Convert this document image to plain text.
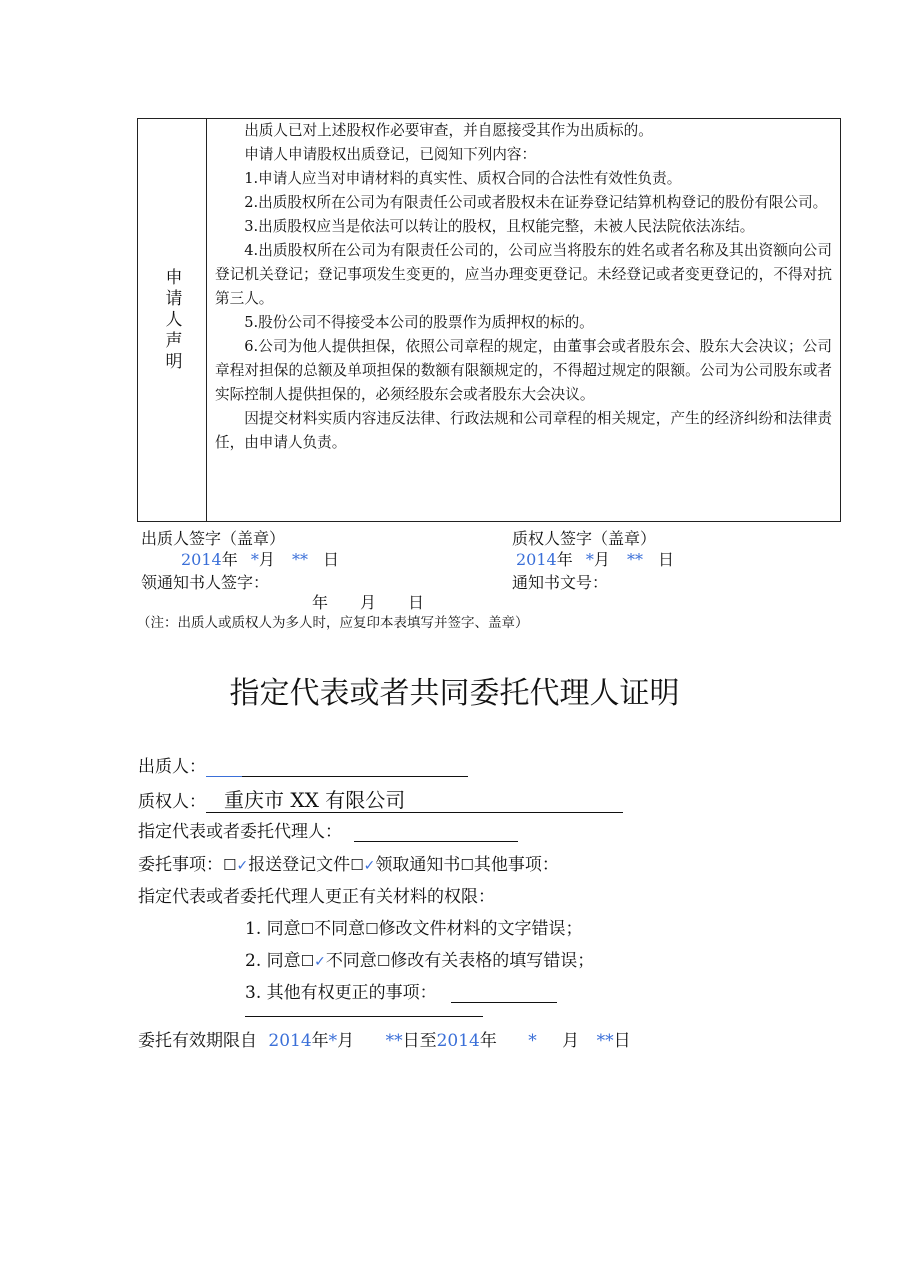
申请人声明

出质人已对上述股权作必要审查，并自愿接受其作为出质标的。

申请人申请股权出质登记，已阅知下列内容：

1.申请人应当对申请材料的真实性、质权合同的合法性有效性负责。

2.出质股权所在公司为有限责任公司或者股权未在证券登记结算机构登记的股份有限公司。

3.出质股权应当是依法可以转让的股权，且权能完整，未被人民法院依法冻结。

4.出质股权所在公司为有限责任公司的，公司应当将股东的姓名或者名称及其出资额向公司登记机关登记；登记事项发生变更的，应当办理变更登记。未经登记或者变更登记的，不得对抗第三人。

5.股份公司不得接受本公司的股票作为质押权的标的。

6.公司为他人提供担保，依照公司章程的规定，由董事会或者股东会、股东大会决议；公司章程对担保的总额及单项担保的数额有限额规定的，不得超过规定的限额。公司为公司股东或者实际控制人提供担保的，必须经股东会或者股东大会决议。

因提交材料实质内容违反法律、行政法规和公司章程的相关规定，产生的经济纠纷和法律责任，由申请人负责。

出质人签字（盖章）	质权人签字（盖章）
2014年 *月 ** 日	2014年 *月 ** 日
领通知书人签字：	通知书文号：
年　　月　　日
（注：出质人或质权人为多人时，应复印本表填写并签字、盖章）
指定代表或者共同委托代理人证明
出质人：
质权人： 重庆市 XX 有限公司
指定代表或者委托代理人：
委托事项：☐✓报送登记文件☐✓领取通知书☐其他事项：
指定代表或者委托代理人更正有关材料的权限：
1. 同意☐不同意☐修改文件材料的文字错误；
2. 同意☐✓不同意☐修改有关表格的填写错误；
3. 其他有权更正的事项：
委托有效期限自 2014年*月 **日至2014年 * 月 **日
